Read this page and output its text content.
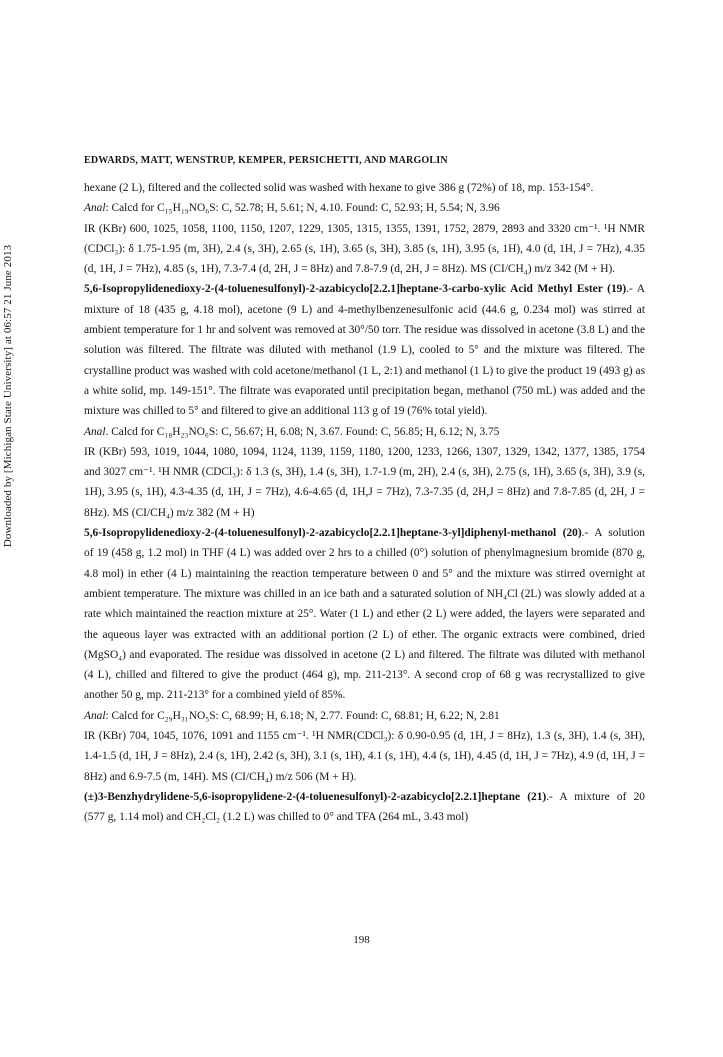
Downloaded by [Michigan State University] at 06:57 21 June 2013
EDWARDS, MATT, WENSTRUP, KEMPER, PERSICHETTI, AND MARGOLIN

hexane (2 L), filtered and the collected solid was washed with hexane to give 386 g (72%) of 18, mp. 153-154°.

Anal: Calcd for C₁₅H₁₉NO₆S: C, 52.78; H, 5.61; N, 4.10. Found: C, 52.93; H, 5.54; N, 3.96

IR (KBr) 600, 1025, 1058, 1100, 1150, 1207, 1229, 1305, 1315, 1355, 1391, 1752, 2879, 2893 and 3320 cm⁻¹. ¹H NMR (CDCl₃): δ 1.75-1.95 (m, 3H), 2.4 (s, 3H), 2.65 (s, 1H), 3.65 (s, 3H), 3.85 (s, 1H), 3.95 (s, 1H), 4.0 (d, 1H, J = 7Hz), 4.35 (d, 1H, J = 7Hz), 4.85 (s, 1H), 7.3-7.4 (d, 2H, J = 8Hz) and 7.8-7.9 (d, 2H, J = 8Hz). MS (CI/CH₄) m/z 342 (M + H).

5,6-Isopropylidenedioxy-2-(4-toluenesulfonyl)-2-azabicyclo[2.2.1]heptane-3-carbo-xylic Acid Methyl Ester (19).- A mixture of 18 (435 g, 4.18 mol), acetone (9 L) and 4-methylbenzenesulfonic acid (44.6 g, 0.234 mol) was stirred at ambient temperature for 1 hr and solvent was removed at 30°/50 torr. The residue was dissolved in acetone (3.8 L) and the solution was filtered. The filtrate was diluted with methanol (1.9 L), cooled to 5° and the mixture was filtered. The crystalline product was washed with cold acetone/methanol (1 L, 2:1) and methanol (1 L) to give the product 19 (493 g) as a white solid, mp. 149-151°. The filtrate was evaporated until precipitation began, methanol (750 mL) was added and the mixture was chilled to 5° and filtered to give an additional 113 g of 19 (76% total yield).

Anal. Calcd for C₁₈H₂₃NO₆S: C, 56.67; H, 6.08; N, 3.67. Found: C, 56.85; H, 6.12; N, 3.75

IR (KBr) 593, 1019, 1044, 1080, 1094, 1124, 1139, 1159, 1180, 1200, 1233, 1266, 1307, 1329, 1342, 1377, 1385, 1754 and 3027 cm⁻¹. ¹H NMR (CDCl₃): δ 1.3 (s, 3H), 1.4 (s, 3H), 1.7-1.9 (m, 2H), 2.4 (s, 3H), 2.75 (s, 1H), 3.65 (s, 3H), 3.9 (s, 1H), 3.95 (s, 1H), 4.3-4.35 (d, 1H, J = 7Hz), 4.6-4.65 (d, 1H,J = 7Hz), 7.3-7.35 (d, 2H,J = 8Hz) and 7.8-7.85 (d, 2H, J = 8Hz). MS (CI/CH₄) m/z 382 (M + H)

5,6-Isopropylidenedioxy-2-(4-toluenesulfonyl)-2-azabicyclo[2.2.1]heptane-3-yl]diphenyl-methanol (20).- A solution of 19 (458 g, 1.2 mol) in THF (4 L) was added over 2 hrs to a chilled (0°) solution of phenylmagnesium bromide (870 g, 4.8 mol) in ether (4 L) maintaining the reaction temperature between 0 and 5° and the mixture was stirred overnight at ambient temperature. The mixture was chilled in an ice bath and a saturated solution of NH₄Cl (2L) was slowly added at a rate which maintained the reaction mixture at 25°. Water (1 L) and ether (2 L) were added, the layers were separated and the aqueous layer was extracted with an additional portion (2 L) of ether. The organic extracts were combined, dried (MgSO₄) and evaporated. The residue was dissolved in acetone (2 L) and filtered. The filtrate was diluted with methanol (4 L), chilled and filtered to give the product (464 g), mp. 211-213°. A second crop of 68 g was recrystallized to give another 50 g, mp. 211-213° for a combined yield of 85%.

Anal: Calcd for C₂₉H₃₁NO₅S: C, 68.99; H, 6.18; N, 2.77. Found: C, 68.81; H, 6.22; N, 2.81

IR (KBr) 704, 1045, 1076, 1091 and 1155 cm⁻¹. ¹H NMR(CDCl₃): δ 0.90-0.95 (d, 1H, J = 8Hz), 1.3 (s, 3H), 1.4 (s, 3H), 1.4-1.5 (d, 1H, J = 8Hz), 2.4 (s, 1H), 2.42 (s, 3H), 3.1 (s, 1H), 4.1 (s, 1H), 4.4 (s, 1H), 4.45 (d, 1H, J = 7Hz), 4.9 (d, 1H, J = 8Hz) and 6.9-7.5 (m, 14H). MS (CI/CH₄) m/z 506 (M + H).

(±)3-Benzhydrylidene-5,6-isopropylidene-2-(4-toluenesulfonyl)-2-azabicyclo[2.2.1]heptane (21).- A mixture of 20 (577 g, 1.14 mol) and CH₂Cl₂ (1.2 L) was chilled to 0° and TFA (264 mL, 3.43 mol)

198
